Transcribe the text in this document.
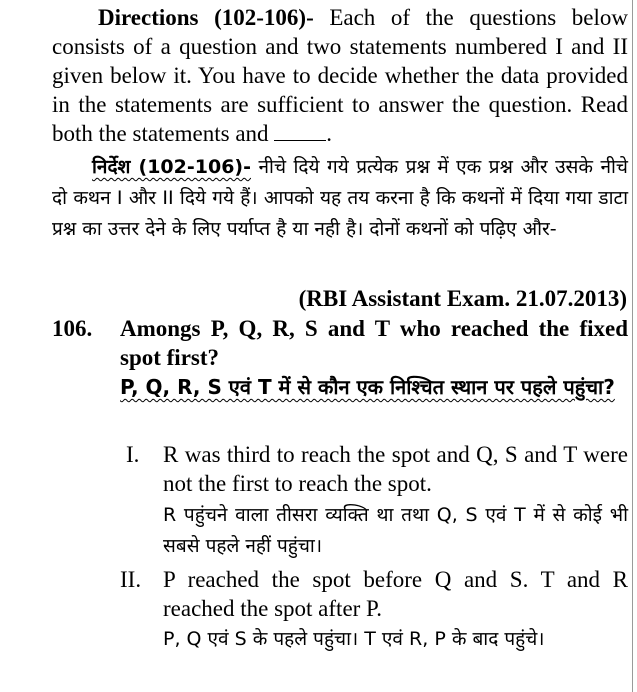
Directions (102-106)- Each of the questions below consists of a question and two statements numbered I and II given below it. You have to decide whether the data provided in the statements are sufficient to answer the question. Read both the statements and	.
निर्देश (102-106)- नीचे दिये गये प्रत्येक प्रश्न में एक प्रश्न और उसके नीचे दो कथन I और II दिये गये हैं। आपको यह तय करना है कि कथनों में दिया गया डाटा प्रश्न का उत्तर देने के लिए पर्याप्त है या नही है। दोनों कथनों को पढ़िए और-
(RBI Assistant Exam. 21.07.2013)
106. Amongs P, Q, R, S and T who reached the fixed spot first?
P, Q, R, S एवं T में से कौन एक निश्चित स्थान पर पहले पहुंचा?
I. R was third to reach the spot and Q, S and T were not the first to reach the spot.
R पहुंचने वाला तीसरा व्यक्ति था तथा Q, S एवं T में से कोई भी सबसे पहले नहीं पहुंचा।
II. P reached the spot before Q and S. T and R reached the spot after P.
P, Q एवं S के पहले पहुंचा। T एवं R, P के बाद पहुंचे।
